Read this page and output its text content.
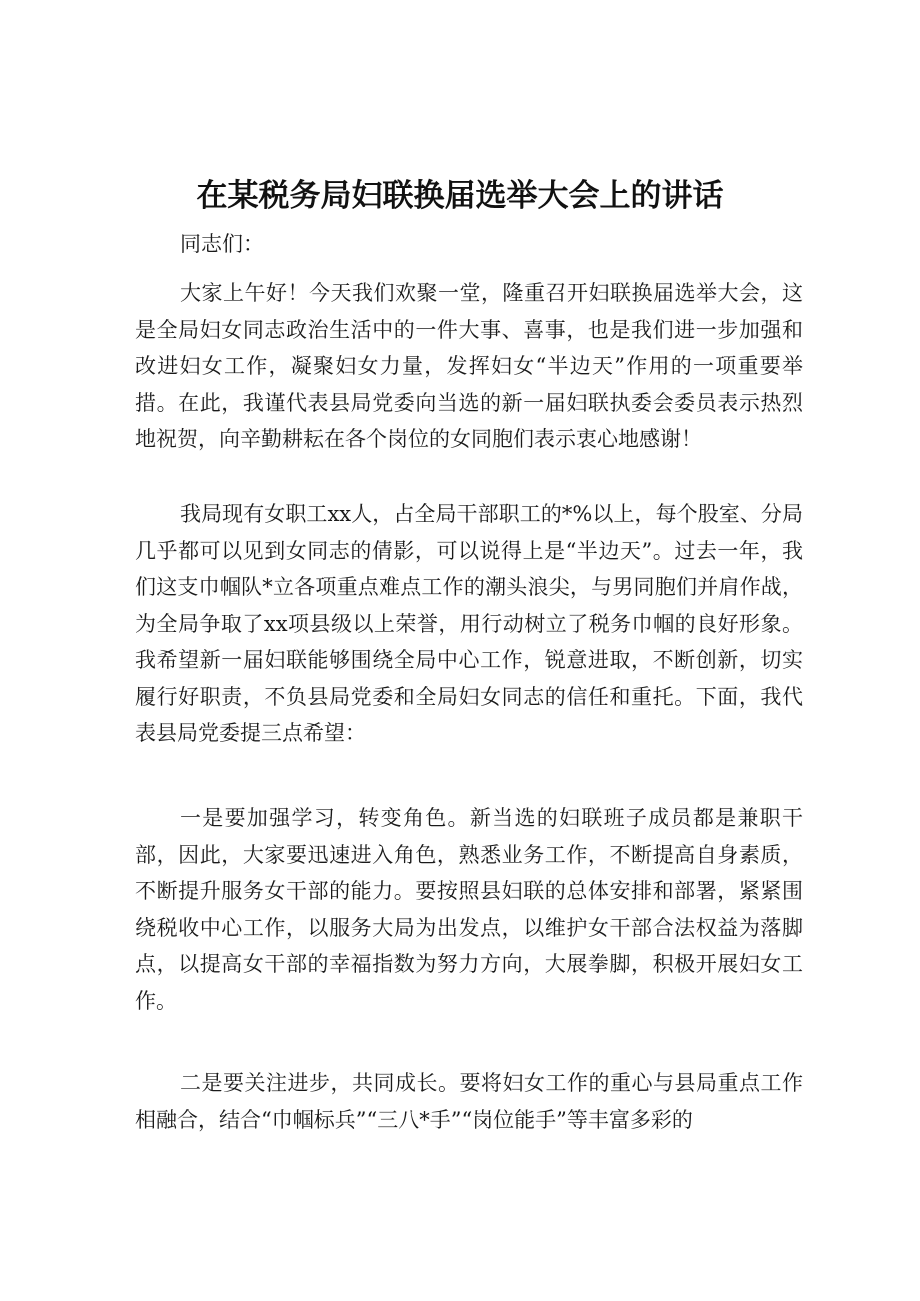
在某税务局妇联换届选举大会上的讲话

同志们：

大家上午好！今天我们欢聚一堂，隆重召开妇联换届选举大会，这是全局妇女同志政治生活中的一件大事、喜事，也是我们进一步加强和改进妇女工作，凝聚妇女力量，发挥妇女“半边天”作用的一项重要举措。在此，我谨代表县局党委向当选的新一届妇联执委会委员表示热烈地祝贺，向辛勤耕耘在各个岗位的女同胞们表示衷心地感谢！

我局现有女职工xx人，占全局干部职工的*%以上，每个股室、分局几乎都可以见到女同志的倩影，可以说得上是“半边天”。过去一年，我们这支巾帼队*立各项重点难点工作的潮头浪尖，与男同胞们并肩作战，为全局争取了xx项县级以上荣誉，用行动树立了税务巾帼的良好形象。我希望新一届妇联能够围绕全局中心工作，锐意进取，不断创新，切实履行好职责，不负县局党委和全局妇女同志的信任和重托。下面，我代表县局党委提三点希望：

一是要加强学习，转变角色。新当选的妇联班子成员都是兼职干部，因此，大家要迅速进入角色，熟悉业务工作，不断提高自身素质，不断提升服务女干部的能力。要按照县妇联的总体安排和部署，紧紧围绕税收中心工作，以服务大局为出发点，以维护女干部合法权益为落脚点，以提高女干部的幸福指数为努力方向，大展拳脚，积极开展妇女工作。

二是要关注进步，共同成长。要将妇女工作的重心与县局重点工作相融合，结合“巾帼标兵”“三八*手”“岗位能手”等丰富多彩的
